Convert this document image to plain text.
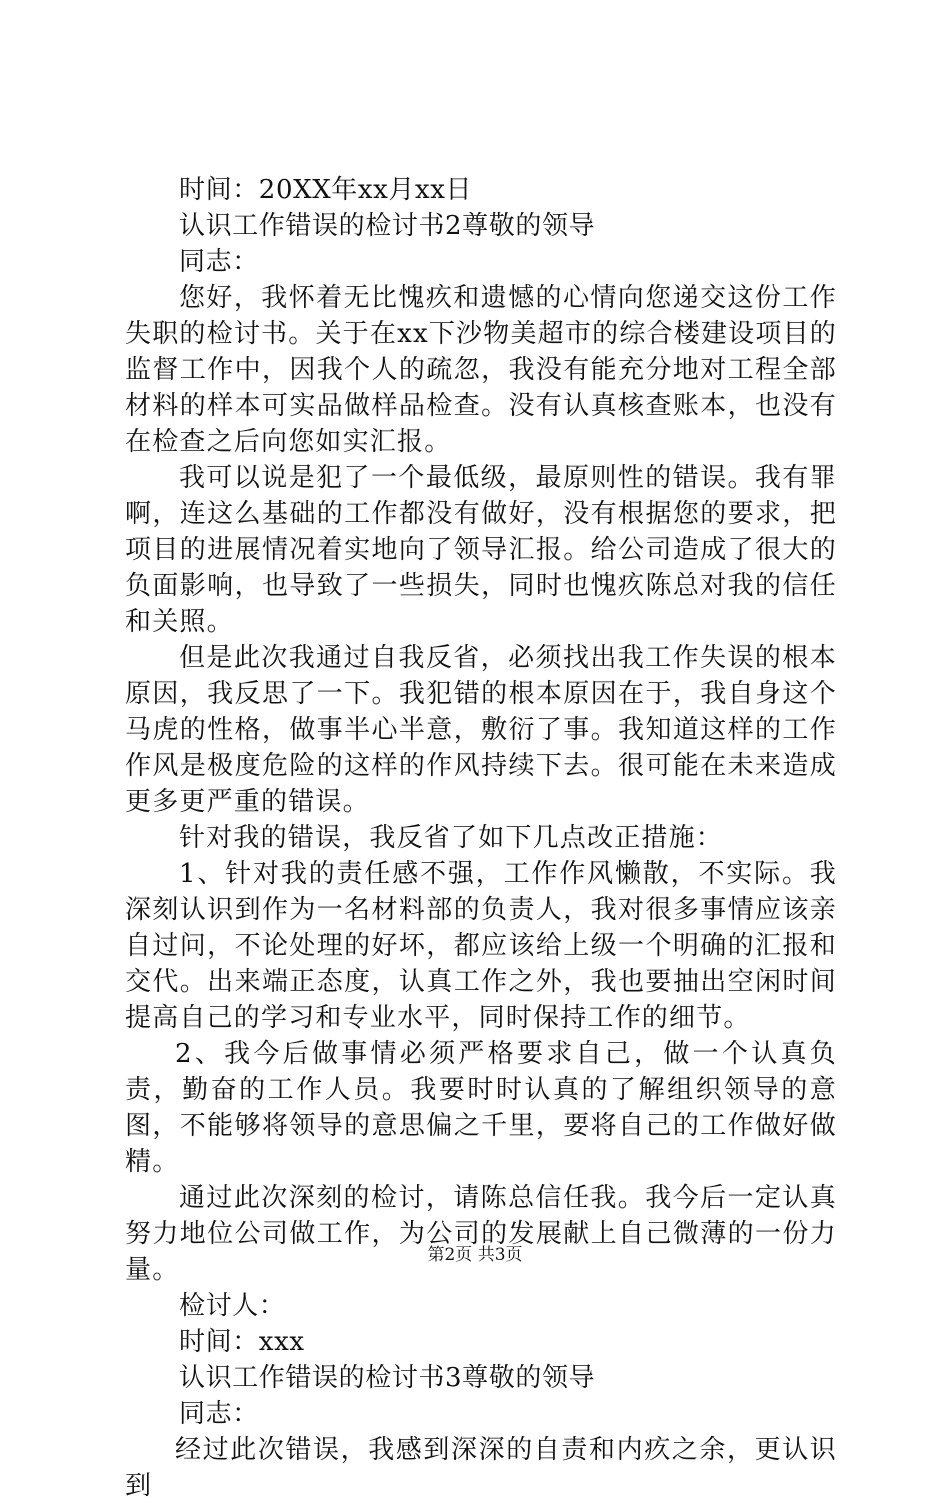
时间：20XX年xx月xx日
认识工作错误的检讨书2尊敬的领导
同志：

您好，我怀着无比愧疚和遗憾的心情向您递交这份工作失职的检讨书。关于在xx下沙物美超市的综合楼建设项目的监督工作中，因我个人的疏忽，我没有能充分地对工程全部材料的样本可实品做样品检查。没有认真核查账本，也没有在检查之后向您如实汇报。

我可以说是犯了一个最低级，最原则性的错误。我有罪啊，连这么基础的工作都没有做好，没有根据您的要求，把项目的进展情况着实地向了领导汇报。给公司造成了很大的负面影响，也导致了一些损失，同时也愧疚陈总对我的信任和关照。

但是此次我通过自我反省，必须找出我工作失误的根本原因，我反思了一下。我犯错的根本原因在于，我自身这个马虎的性格，做事半心半意，敷衍了事。我知道这样的工作作风是极度危险的这样的作风持续下去。很可能在未来造成更多更严重的错误。

针对我的错误，我反省了如下几点改正措施：

1、针对我的责任感不强，工作作风懒散，不实际。我深刻认识到作为一名材料部的负责人，我对很多事情应该亲自过问，不论处理的好坏，都应该给上级一个明确的汇报和交代。出来端正态度，认真工作之外，我也要抽出空闲时间提高自己的学习和专业水平，同时保持工作的细节。

2、我今后做事情必须严格要求自己，做一个认真负责，勤奋的工作人员。我要时时认真的了解组织领导的意图，不能够将领导的意思偏之千里，要将自己的工作做好做精。

通过此次深刻的检讨，请陈总信任我。我今后一定认真努力地位公司做工作，为公司的发展献上自己微薄的一份力量。

检讨人：
时间：xxx
认识工作错误的检讨书3尊敬的领导
同志：

经过此次错误，我感到深深的自责和内疚之余，更认识到

第2页 共3页
